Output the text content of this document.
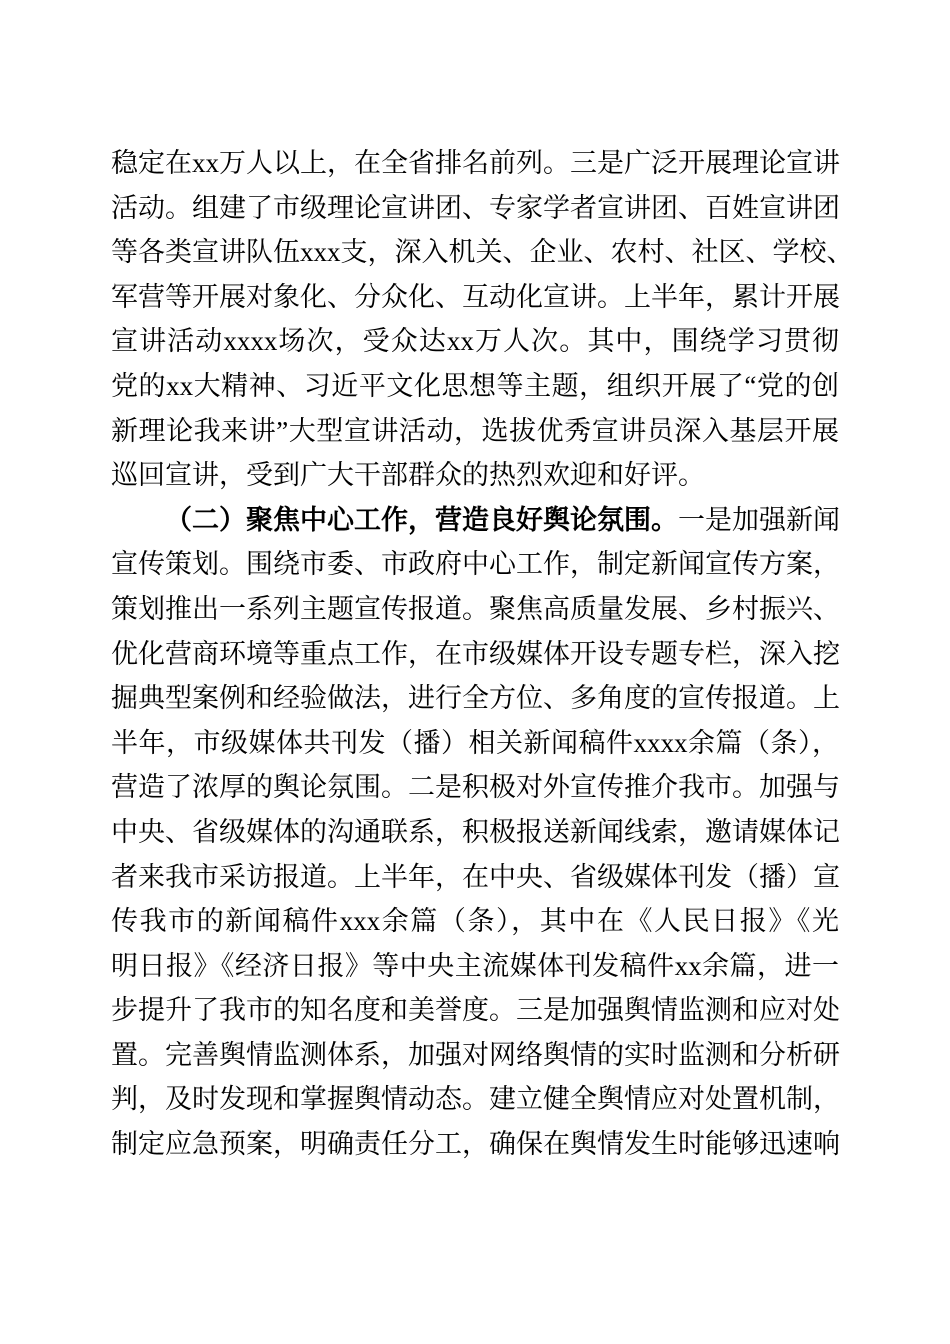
稳定在xx万人以上，在全省排名前列。三是广泛开展理论宣讲
活动。组建了市级理论宣讲团、专家学者宣讲团、百姓宣讲团
等各类宣讲队伍xxx支，深入机关、企业、农村、社区、学校、
军营等开展对象化、分众化、互动化宣讲。上半年，累计开展
宣讲活动xxxx场次，受众达xx万人次。其中，围绕学习贯彻
党的xx大精神、习近平文化思想等主题，组织开展了“党的创
新理论我来讲”大型宣讲活动，选拔优秀宣讲员深入基层开展
巡回宣讲，受到广大干部群众的热烈欢迎和好评。
（二）聚焦中心工作，营造良好舆论氛围。一是加强新闻
宣传策划。围绕市委、市政府中心工作，制定新闻宣传方案，
策划推出一系列主题宣传报道。聚焦高质量发展、乡村振兴、
优化营商环境等重点工作，在市级媒体开设专题专栏，深入挖
掘典型案例和经验做法，进行全方位、多角度的宣传报道。上
半年，市级媒体共刊发（播）相关新闻稿件xxxx余篇（条），
营造了浓厚的舆论氛围。二是积极对外宣传推介我市。加强与
中央、省级媒体的沟通联系，积极报送新闻线索，邀请媒体记
者来我市采访报道。上半年，在中央、省级媒体刊发（播）宣
传我市的新闻稿件xxx余篇（条），其中在《人民日报》《光
明日报》《经济日报》等中央主流媒体刊发稿件xx余篇，进一
步提升了我市的知名度和美誉度。三是加强舆情监测和应对处
置。完善舆情监测体系，加强对网络舆情的实时监测和分析研
判，及时发现和掌握舆情动态。建立健全舆情应对处置机制，
制定应急预案，明确责任分工，确保在舆情发生时能够迅速响
